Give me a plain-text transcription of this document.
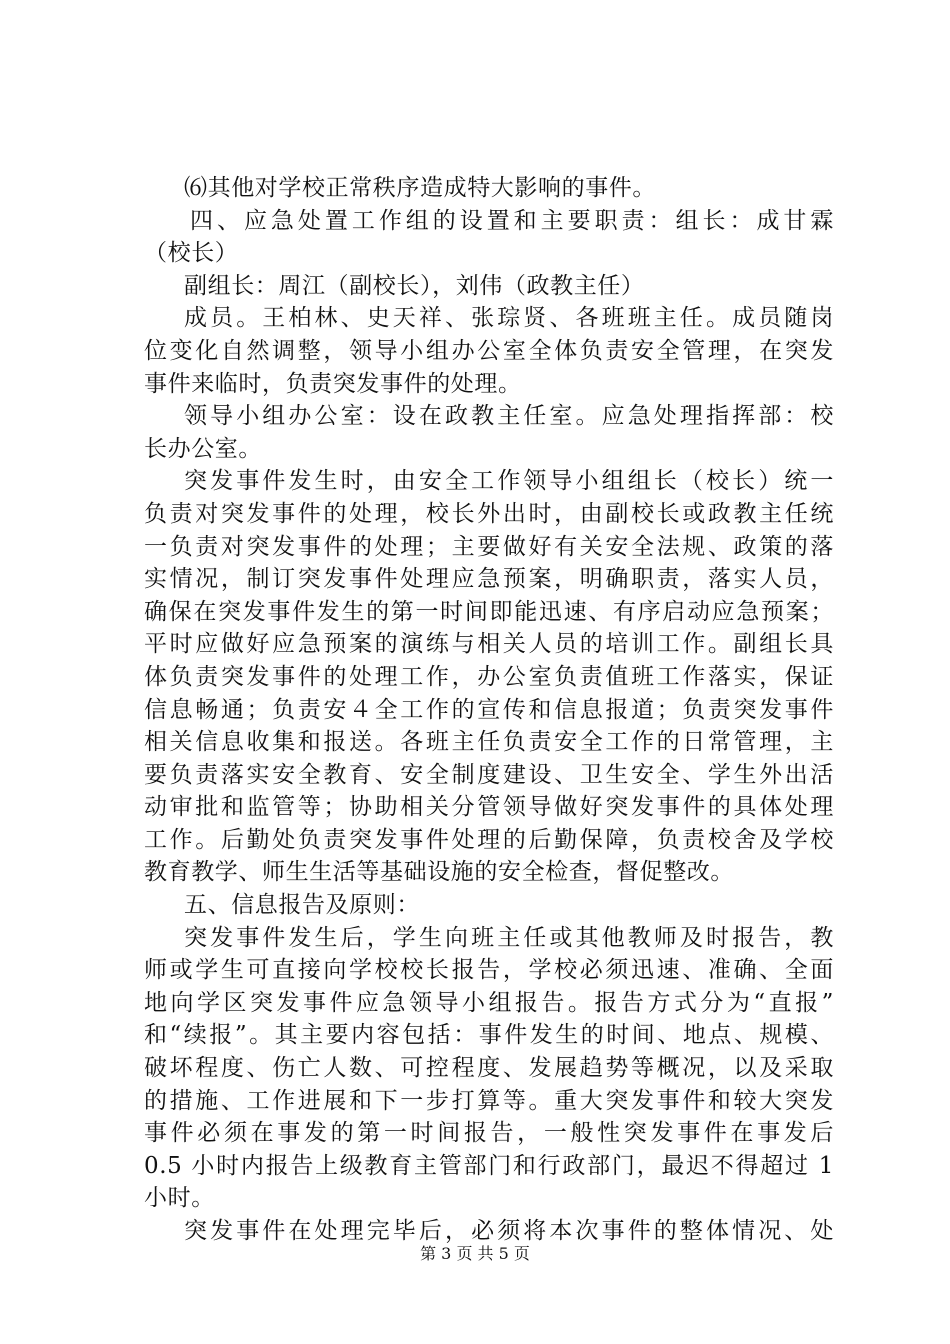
⑹其他对学校正常秩序造成特大影响的事件。
四、应急处置工作组的设置和主要职责：组长：成甘霖
（校长）
副组长：周江（副校长），刘伟（政教主任）
成员。王柏林、史天祥、张琮贤、各班班主任。成员随岗
位变化自然调整，领导小组办公室全体负责安全管理，在突发
事件来临时，负责突发事件的处理。
领导小组办公室：设在政教主任室。应急处理指挥部：校
长办公室。
突发事件发生时，由安全工作领导小组组长（校长）统一
负责对突发事件的处理，校长外出时，由副校长或政教主任统
一负责对突发事件的处理；主要做好有关安全法规、政策的落
实情况，制订突发事件处理应急预案，明确职责，落实人员，
确保在突发事件发生的第一时间即能迅速、有序启动应急预案；
平时应做好应急预案的演练与相关人员的培训工作。副组长具
体负责突发事件的处理工作，办公室负责值班工作落实，保证
信息畅通；负责安４全工作的宣传和信息报道；负责突发事件
相关信息收集和报送。各班主任负责安全工作的日常管理，主
要负责落实安全教育、安全制度建设、卫生安全、学生外出活
动审批和监管等；协助相关分管领导做好突发事件的具体处理
工作。后勤处负责突发事件处理的后勤保障，负责校舍及学校
教育教学、师生生活等基础设施的安全检查，督促整改。
五、信息报告及原则：
突发事件发生后，学生向班主任或其他教师及时报告，教
师或学生可直接向学校校长报告，学校必须迅速、准确、全面
地向学区突发事件应急领导小组报告。报告方式分为“直报”
和“续报”。其主要内容包括：事件发生的时间、地点、规模、
破坏程度、伤亡人数、可控程度、发展趋势等概况，以及采取
的措施、工作进展和下一步打算等。重大突发事件和较大突发
事件必须在事发的第一时间报告，一般性突发事件在事发后
0.5 小时内报告上级教育主管部门和行政部门，最迟不得超过 1
小时。
突发事件在处理完毕后，必须将本次事件的整体情况、处
第 3 页 共 5 页
